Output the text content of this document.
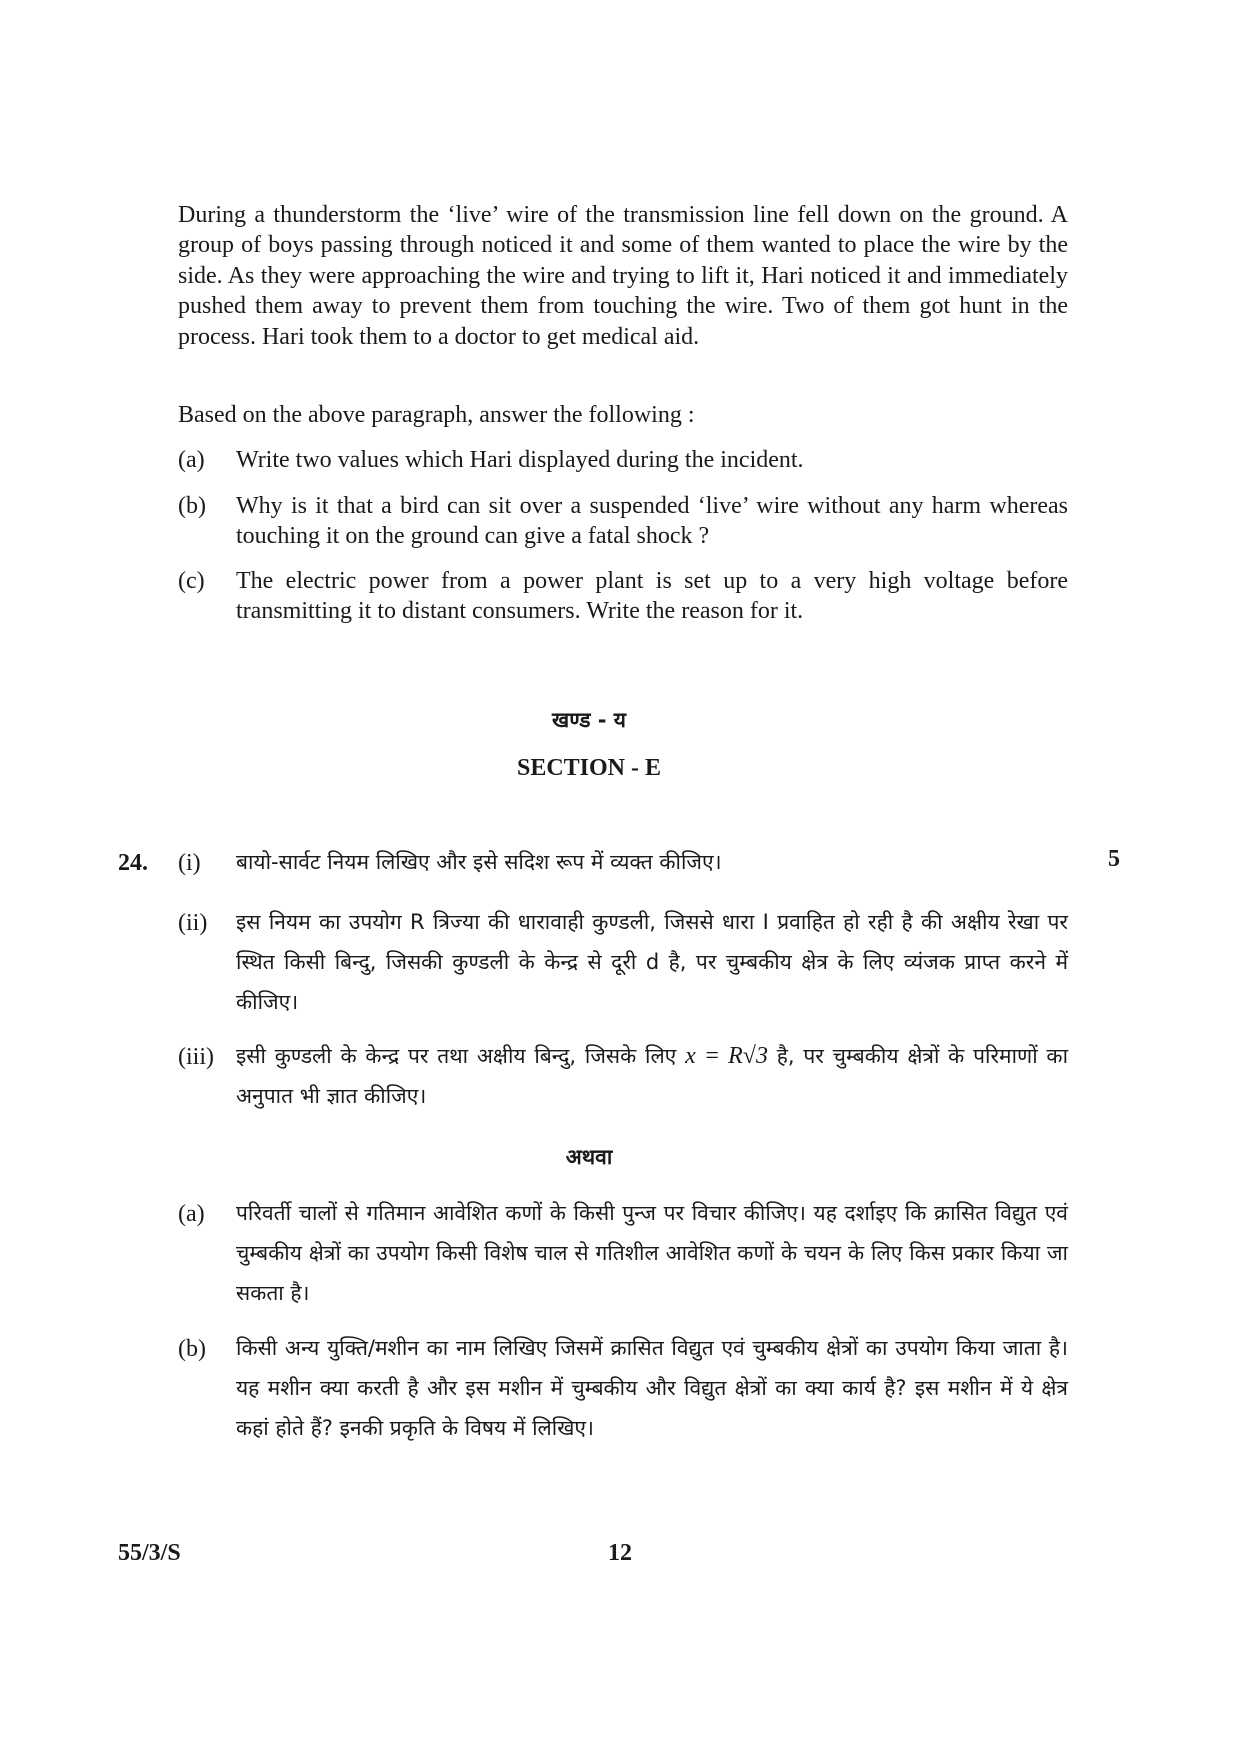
During a thunderstorm the ‘live’ wire of the transmission line fell down on the ground. A group of boys passing through noticed it and some of them wanted to place the wire by the side. As they were approaching the wire and trying to lift it, Hari noticed it and immediately pushed them away to prevent them from touching the wire. Two of them got hunt in the process. Hari took them to a doctor to get medical aid.
Based on the above paragraph, answer the following :
(a) Write two values which Hari displayed during the incident.
(b) Why is it that a bird can sit over a suspended ‘live’ wire without any harm whereas touching it on the ground can give a fatal shock ?
(c) The electric power from a power plant is set up to a very high voltage before transmitting it to distant consumers. Write the reason for it.
खण्ड - य
SECTION - E
24.	5
(i) बायो-सार्वट नियम लिखिए और इसे सदिश रूप में व्यक्त कीजिए।
(ii) इस नियम का उपयोग R त्रिज्या की धारावाही कुण्डली, जिससे धारा I प्रवाहित हो रही है की अक्षीय रेखा पर स्थित किसी बिन्दु, जिसकी कुण्डली के केन्द्र से दूरी d है, पर चुम्बकीय क्षेत्र के लिए व्यंजक प्राप्त करने में कीजिए।
(iii) इसी कुण्डली के केन्द्र पर तथा अक्षीय बिन्दु, जिसके लिए x = R√3 है, पर चुम्बकीय क्षेत्रों के परिमाणों का अनुपात भी ज्ञात कीजिए।
अथवा
(a) परिवर्ती चालों से गतिमान आवेशित कणों के किसी पुन्ज पर विचार कीजिए। यह दर्शाइए कि क्रासित विद्युत एवं चुम्बकीय क्षेत्रों का उपयोग किसी विशेष चाल से गतिशील आवेशित कणों के चयन के लिए किस प्रकार किया जा सकता है।
(b) किसी अन्य युक्ति/मशीन का नाम लिखिए जिसमें क्रासित विद्युत एवं चुम्बकीय क्षेत्रों का उपयोग किया जाता है। यह मशीन क्या करती है और इस मशीन में चुम्बकीय और विद्युत क्षेत्रों का क्या कार्य है? इस मशीन में ये क्षेत्र कहां होते हैं? इनकी प्रकृति के विषय में लिखिए।
55/3/S	12
